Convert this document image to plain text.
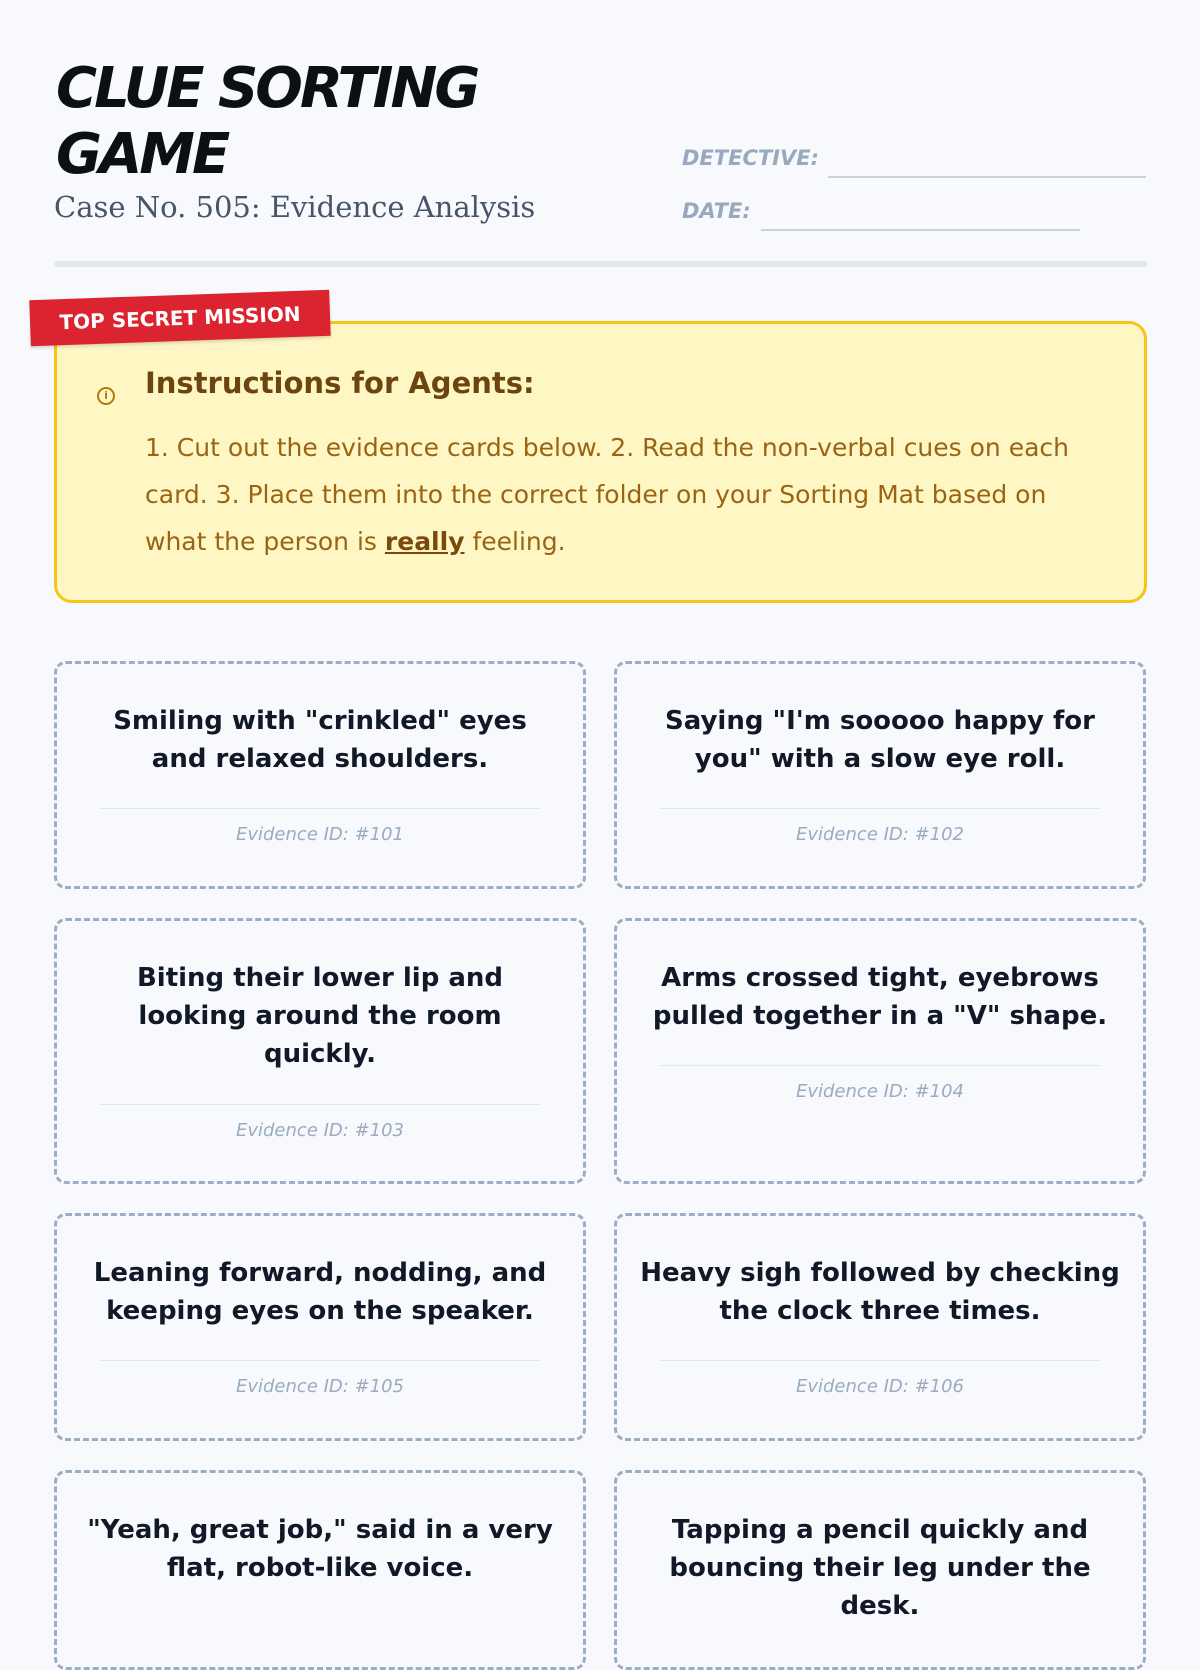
CLUE SORTING GAME

Case No. 505: Evidence Analysis

DETECTIVE:
DATE:
TOP SECRET MISSION
i Instructions for Agents:

1. Cut out the evidence cards below. 2. Read the non-verbal cues on each card. 3. Place them into the correct folder on your Sorting Mat based on what the person is really feeling.

Smiling with "crinkled" eyes and relaxed shoulders.

Evidence ID: #101

Saying "I'm sooooo happy for you" with a slow eye roll.

Evidence ID: #102

Biting their lower lip and looking around the room quickly.

Evidence ID: #103

Arms crossed tight, eyebrows pulled together in a "V" shape.

Evidence ID: #104

Leaning forward, nodding, and keeping eyes on the speaker.

Evidence ID: #105

Heavy sigh followed by checking the clock three times.

Evidence ID: #106

"Yeah, great job," said in a very flat, robot-like voice.

Tapping a pencil quickly and bouncing their leg under the desk.
